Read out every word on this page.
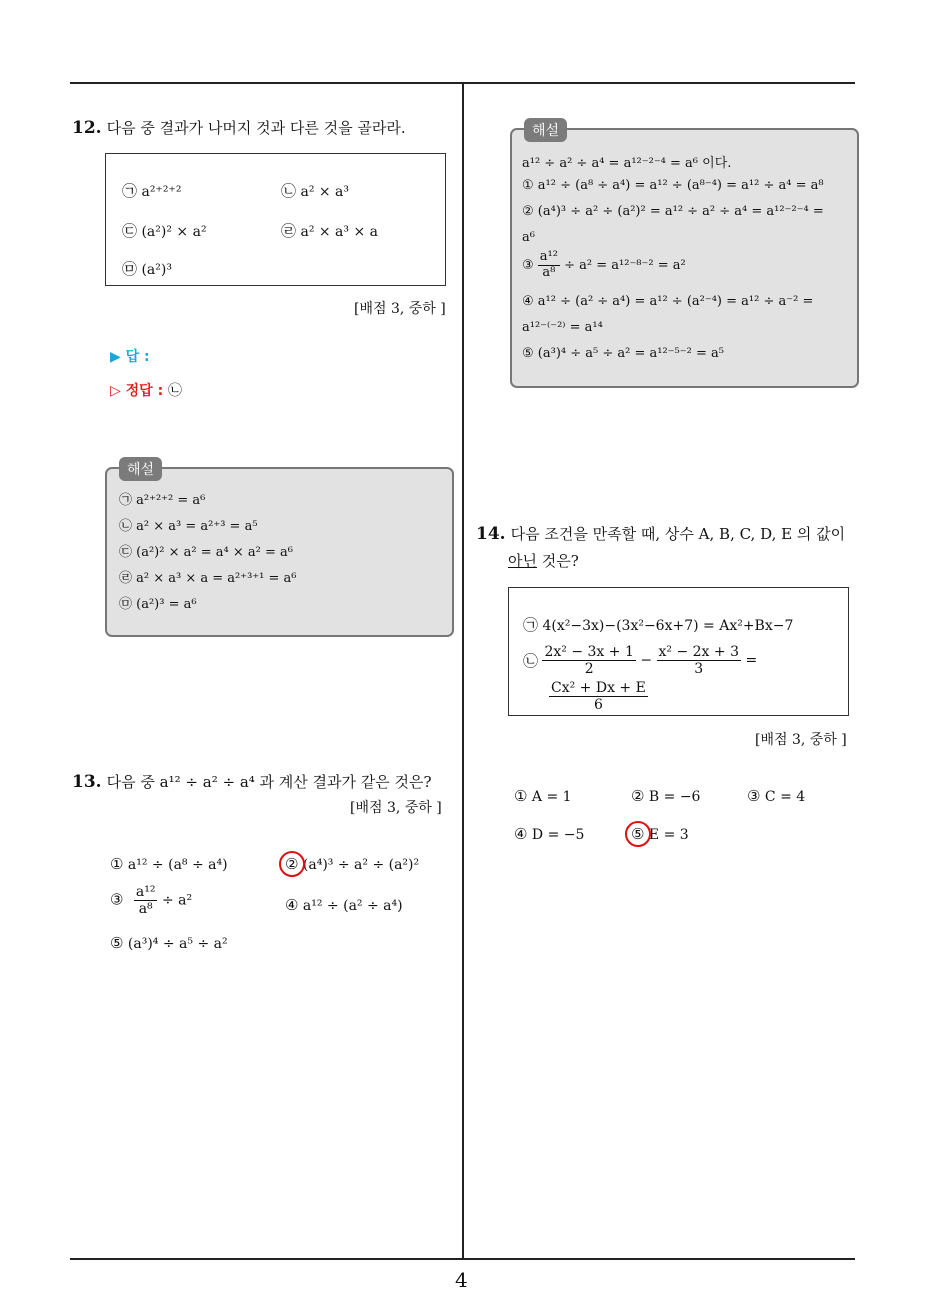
4
12. 다음 중 결과가 나머지 것과 다른 것을 골라라.
㉠ a²⁺²⁺²	㉡ a² × a³
㉢ (a²)² × a²	㉣ a² × a³ × a
㉤ (a²)³
[배점 3, 중하 ]
▶ 답 :
▷ 정답 : ㉡
해설
㉠ a²⁺²⁺² = a⁶
㉡ a² × a³ = a²⁺³ = a⁵
㉢ (a²)² × a² = a⁴ × a² = a⁶
㉣ a² × a³ × a = a²⁺³⁺¹ = a⁶
㉤ (a²)³ = a⁶
13. 다음 중 a¹² ÷ a² ÷ a⁴ 과 계산 결과가 같은 것은?
[배점 3, 중하 ]
① a¹² ÷ (a⁸ ÷ a⁴)	② (a⁴)³ ÷ a² ÷ (a²)²
③ $\frac{\text{a¹²}}{\text{a⁸}} \div a^2$	④ a¹² ÷ (a² ÷ a⁴)
⑤ (a³)⁴ ÷ a⁵ ÷ a²
해설
a¹² ÷ a² ÷ a⁴ = a¹²⁻²⁻⁴ = a⁶ 이다.
① a¹² ÷ (a⁸ ÷ a⁴) = a¹² ÷ (a⁸⁻⁴) = a¹² ÷ a⁴ = a⁸
② (a⁴)³ ÷ a² ÷ (a²)² = a¹² ÷ a² ÷ a⁴ = a¹²⁻²⁻⁴ =
a⁶
③ $\frac{\text{a¹²}}{\text{a⁸}} \div a^2 = a^{12-8-2} = a^2$
④ a¹² ÷ (a² ÷ a⁴) = a¹² ÷ (a²⁻⁴) = a¹² ÷ a⁻² =
a¹²⁻⁽⁻²⁾ = a¹⁴
⑤ (a³)⁴ ÷ a⁵ ÷ a² = a¹²⁻⁵⁻² = a⁵
14. 다음 조건을 만족할 때, 상수 A, B, C, D, E 의 값이
아닌 것은?
㉠ 4(x²−3x)−(3x²−6x+7) = Ax²+Bx−7
㉡ $\frac{\text{2x² − 3x + 1}}{2} - \frac{\text{x² − 2x + 3}}{3}$ =
$\frac{\text{Cx² + Dx + E}}{6}$
[배점 3, 중하 ]
① A = 1	② B = −6	③ C = 4
④ D = −5	⑤ E = 3
